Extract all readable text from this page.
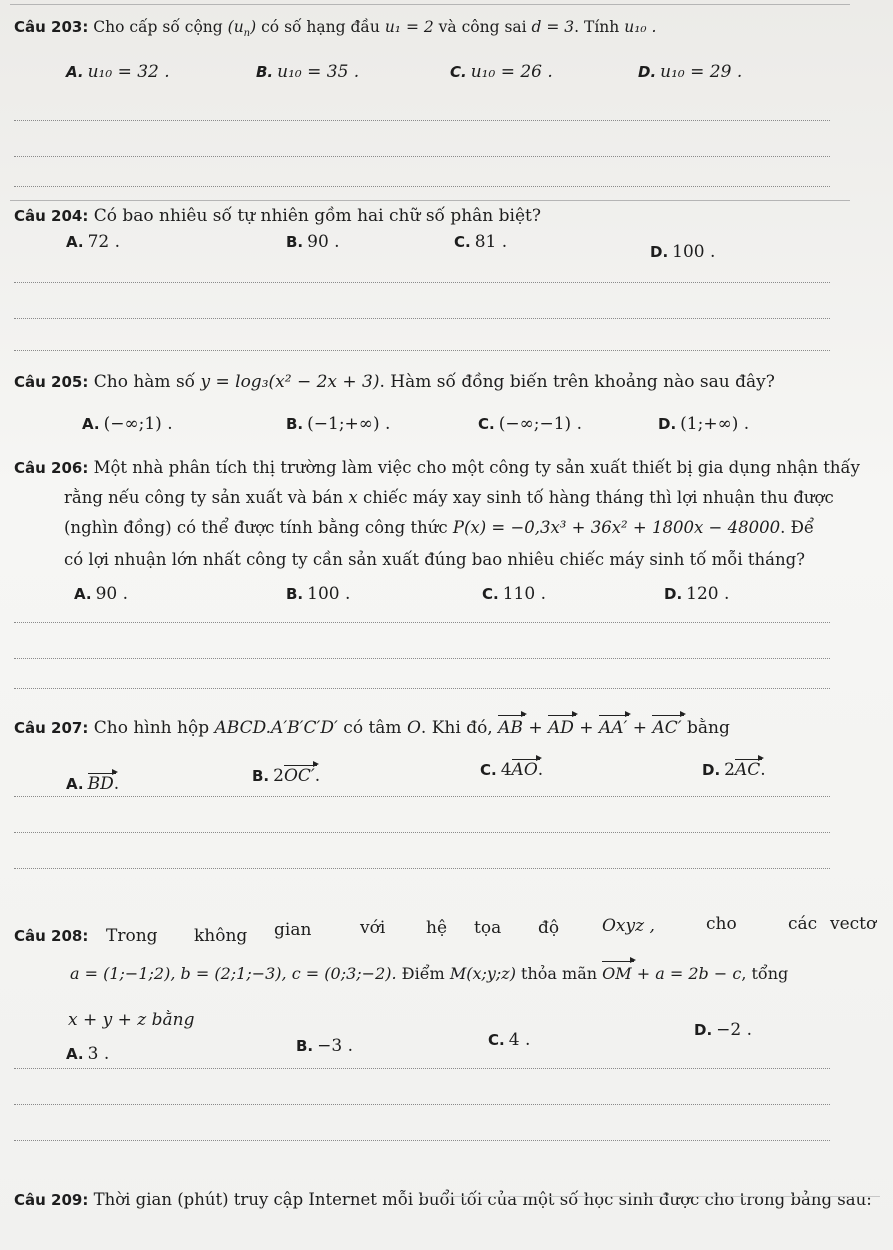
Câu 203: Cho cấp số cộng $(u_n)$ có số hạng đầu u₁ = 2 và công sai d = 3. Tính u₁₀ .
A. u₁₀ = 32 .	B. u₁₀ = 35 .	C. u₁₀ = 26 .	D. u₁₀ = 29 .
Câu 204: Có bao nhiêu số tự nhiên gồm hai chữ số phân biệt?
A. 72 .	B. 90 .	C. 81 .	D. 100 .
Câu 205: Cho hàm số y = log₃(x² − 2x + 3). Hàm số đồng biến trên khoảng nào sau đây?
A. (−∞;1) .	B. (−1;+∞) .	C. (−∞;−1) .	D. (1;+∞) .
Câu 206: Một nhà phân tích thị trường làm việc cho một công ty sản xuất thiết bị gia dụng nhận thấy
rằng nếu công ty sản xuất và bán x chiếc máy xay sinh tố hàng tháng thì lợi nhuận thu được
(nghìn đồng) có thể được tính bằng công thức P(x) = −0,3x³ + 36x² + 1800x − 48000. Để
có lợi nhuận lớn nhất công ty cần sản xuất đúng bao nhiêu chiếc máy sinh tố mỗi tháng?
A. 90 .	B. 100 .	C. 110 .	D. 120 .
Câu 207: Cho hình hộp ABCD.A′B′C′D′ có tâm O. Khi đó, AB + AD + AA′ + AC′ bằng
A. BD.	B. 2OC′.	C. 4AO.	D. 2AC.
Câu 208: Trong không gian	với hệ tọa độ	Oxyz ,	cho	các vectơ
a = (1;−1;2), b = (2;1;−3), c = (0;3;−2). Điểm M(x;y;z) thỏa mãn OM + a = 2b − c, tổng
x + y + z bằng
A. 3 .	B. −3 .	C. 4 .	D. −2 .
Câu 209: Thời gian (phút) truy cập Internet mỗi buổi tối của một số học sinh được cho trong bảng sau:
